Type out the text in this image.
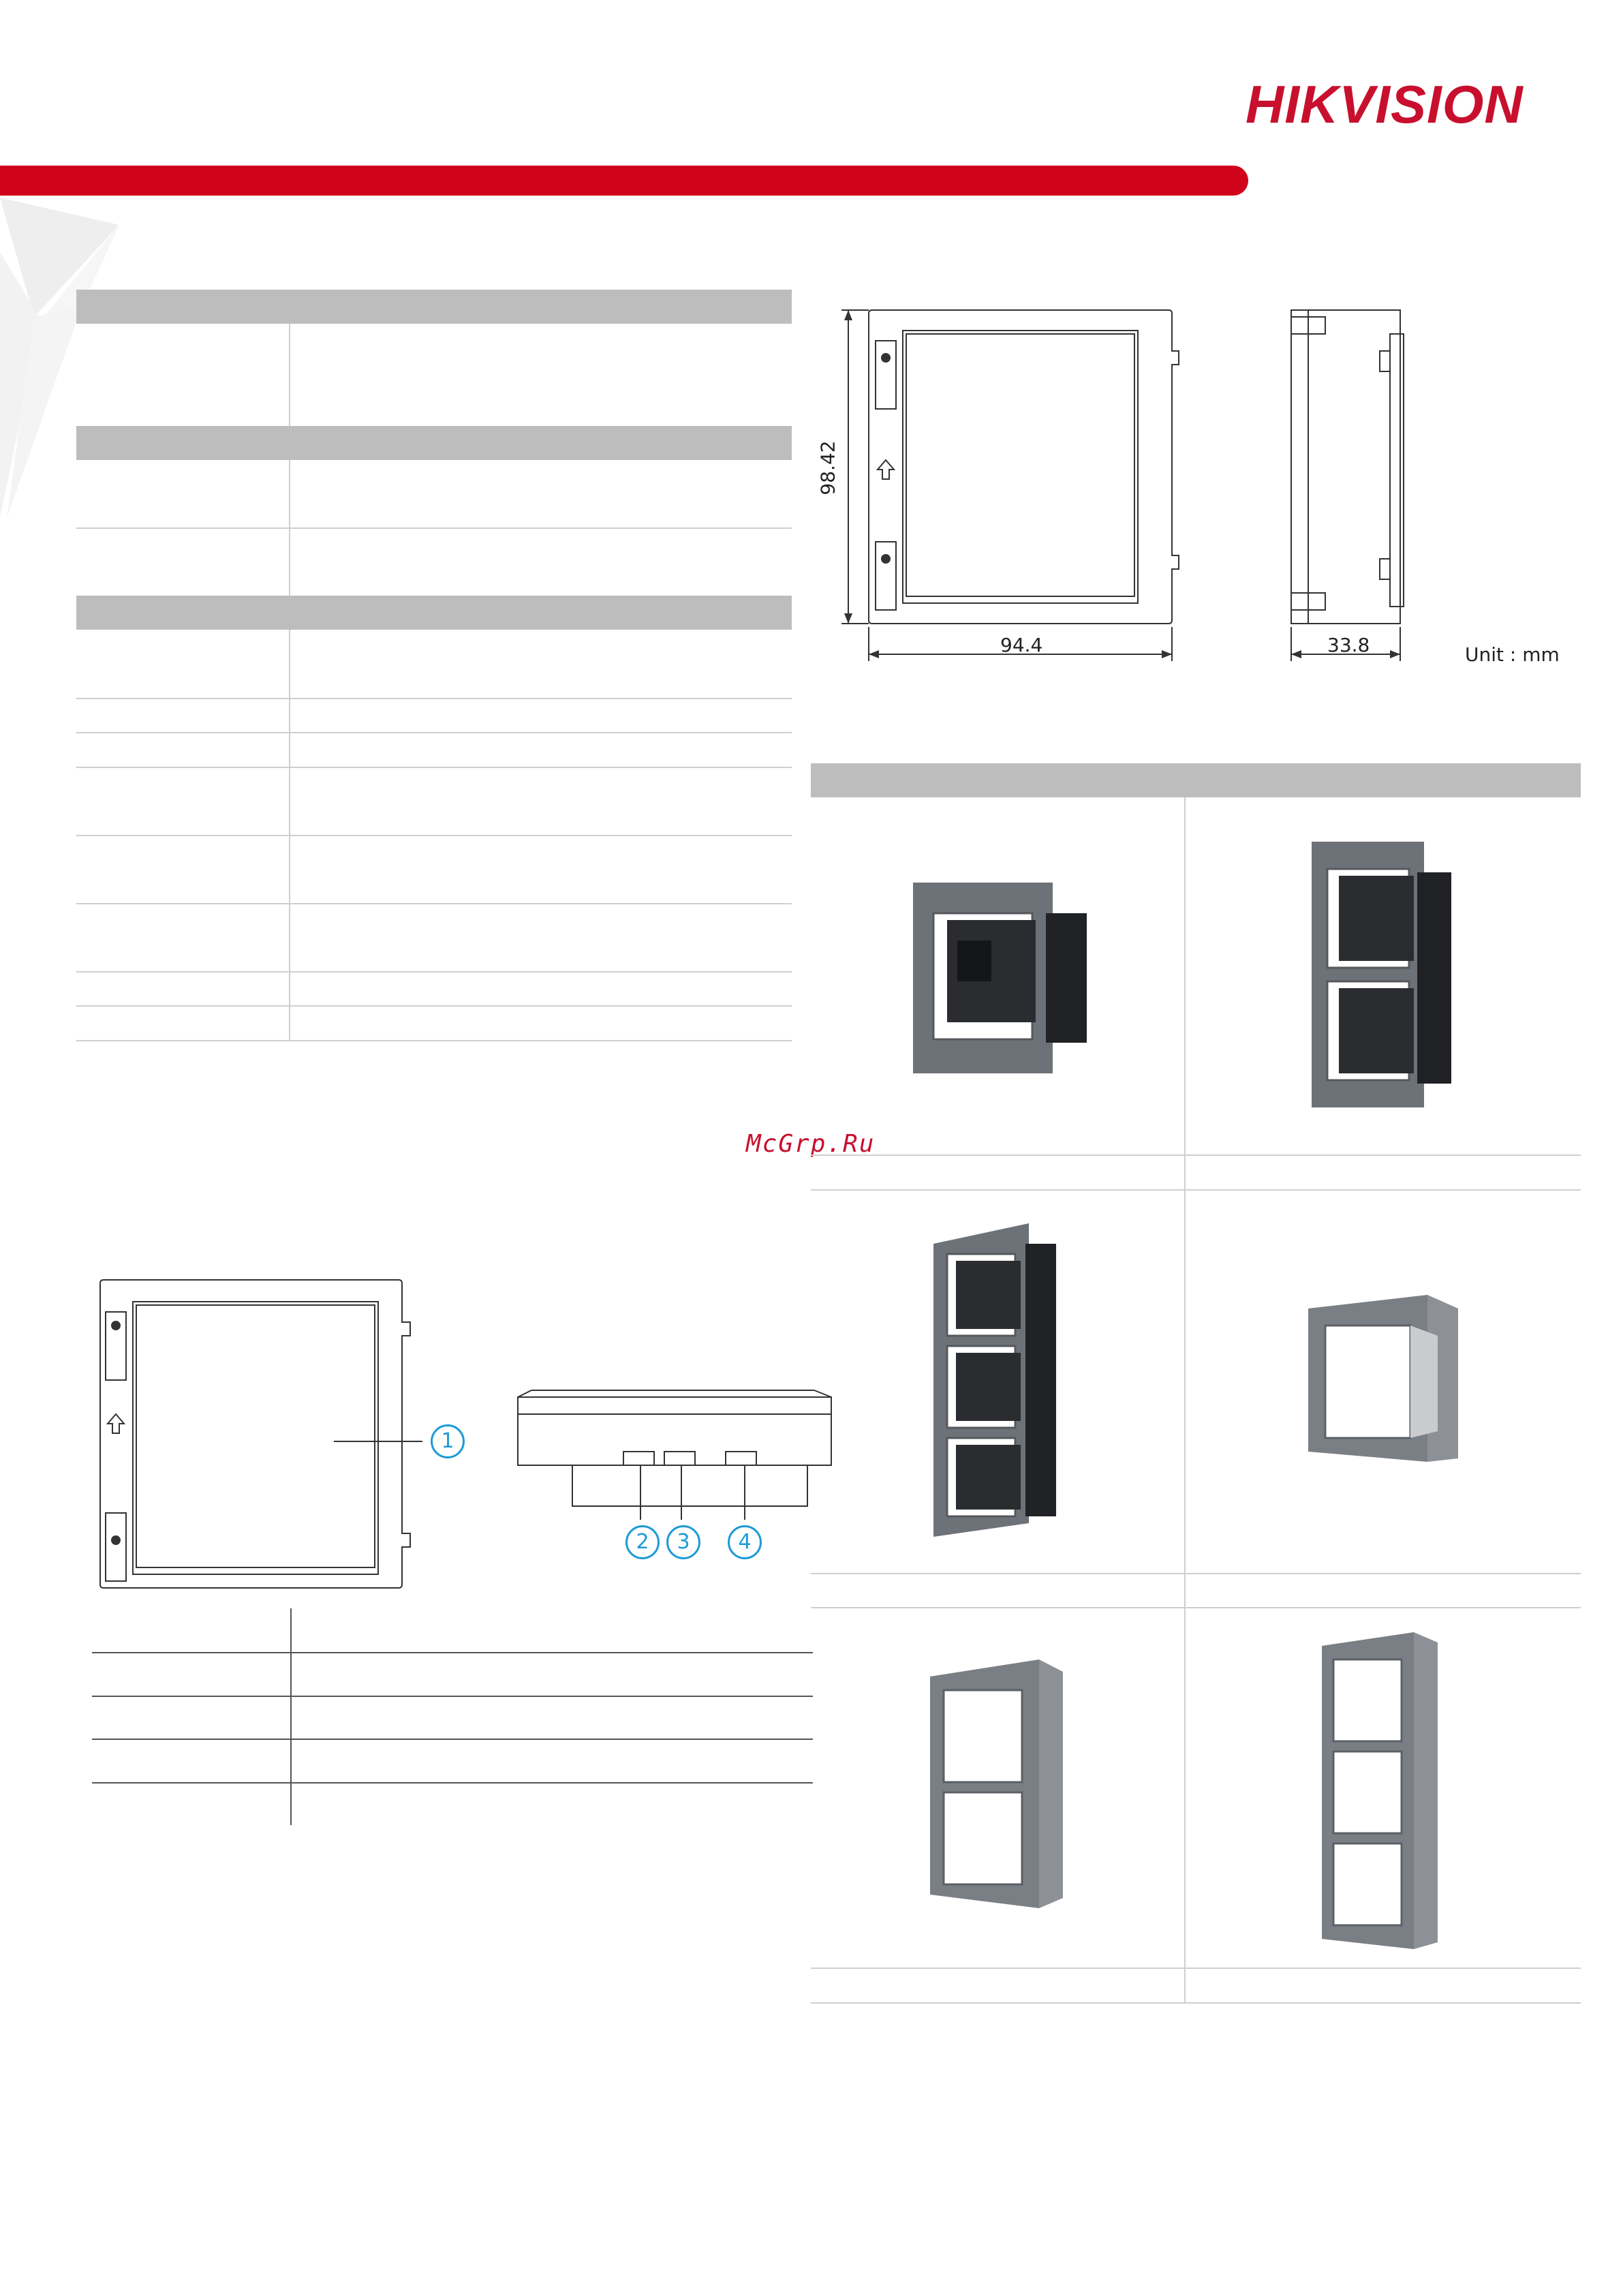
HIKVISION
98.42
94.4	33.8	Unit : mm
McGrp.Ru
1
2	3	4
